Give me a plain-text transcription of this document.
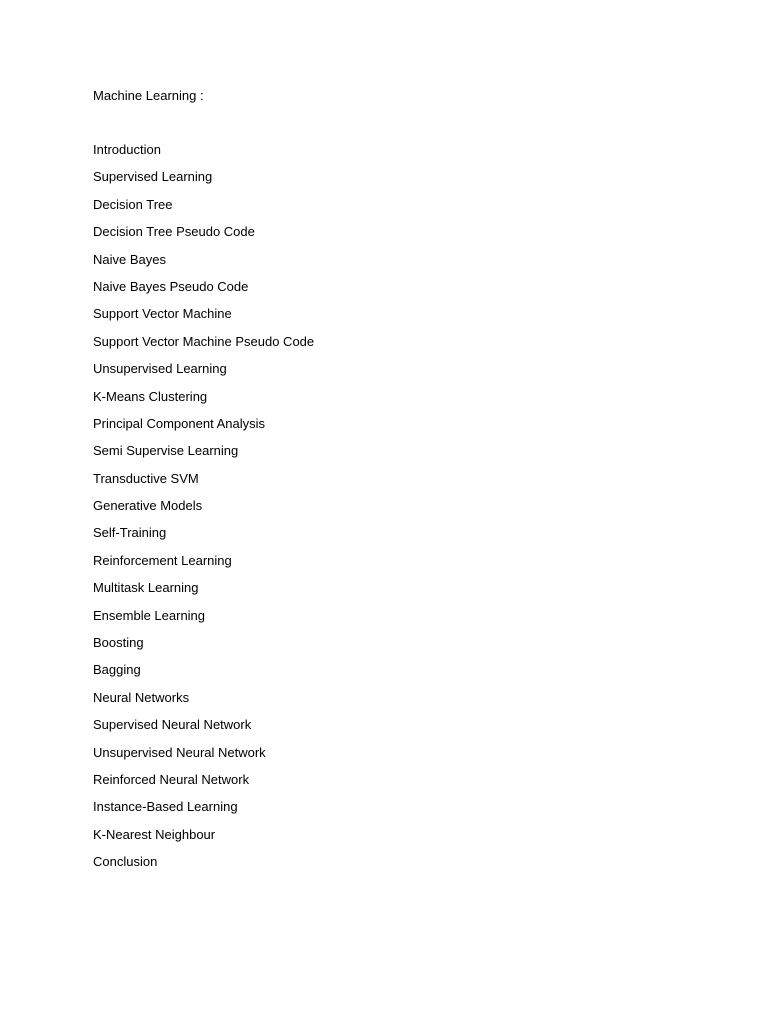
Machine Learning :
Introduction
Supervised Learning
Decision Tree
Decision Tree Pseudo Code
Naive Bayes
Naive Bayes Pseudo Code
Support Vector Machine
Support Vector Machine Pseudo Code
Unsupervised Learning
K-Means Clustering
Principal Component Analysis
Semi Supervise Learning
Transductive SVM
Generative Models
Self-Training
Reinforcement Learning
Multitask Learning
Ensemble Learning
Boosting
Bagging
Neural Networks
Supervised Neural Network
Unsupervised Neural Network
Reinforced Neural Network
Instance-Based Learning
K-Nearest Neighbour
Conclusion
